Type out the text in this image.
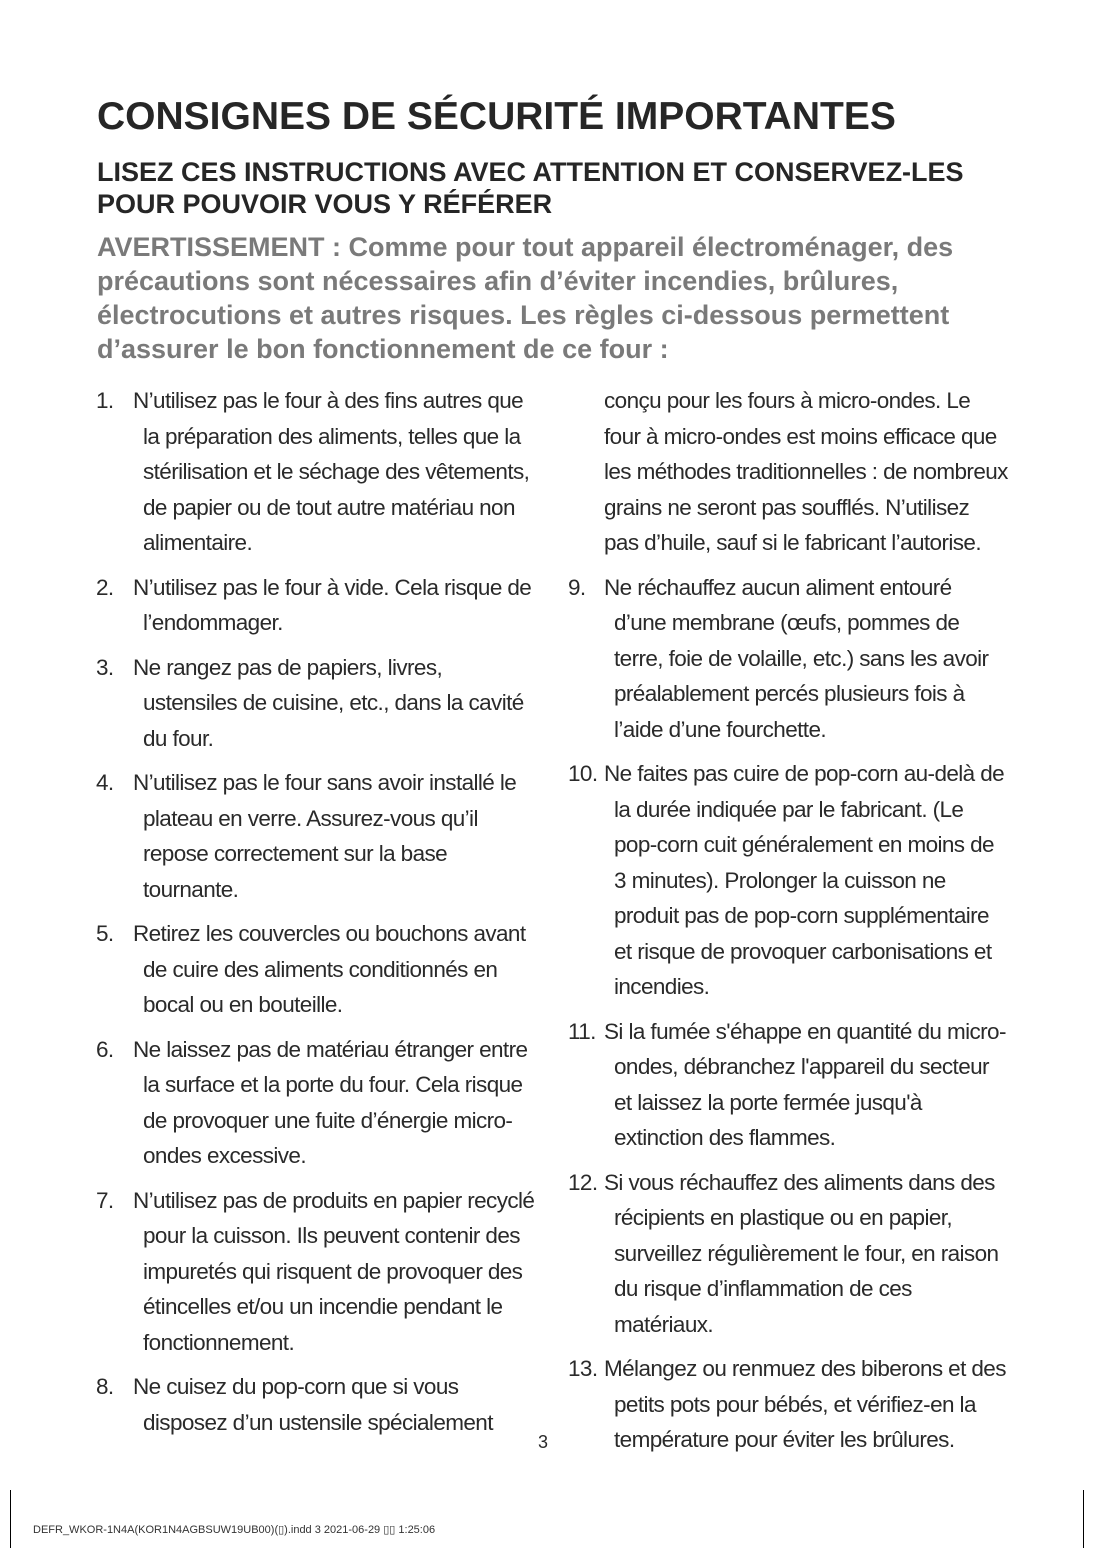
CONSIGNES DE SÉCURITÉ IMPORTANTES
LISEZ CES INSTRUCTIONS AVEC ATTENTION ET CONSERVEZ-LES POUR POUVOIR VOUS Y RÉFÉRER

AVERTISSEMENT : Comme pour tout appareil électroménager, des précautions sont nécessaires afin d’éviter incendies, brûlures, électrocutions et autres risques. Les règles ci-dessous permettent d’assurer le bon fonctionnement de ce four :

1. N’utilisez pas le four à des fins autres que la préparation des aliments, telles que la stérilisation et le séchage des vêtements, de papier ou de tout autre matériau non alimentaire.
2. N’utilisez pas le four à vide. Cela risque de l’endommager.
3. Ne rangez pas de papiers, livres, ustensiles de cuisine, etc., dans la cavité du four.
4. N’utilisez pas le four sans avoir installé le plateau en verre. Assurez-vous qu’il repose correctement sur la base tournante.
5. Retirez les couvercles ou bouchons avant de cuire des aliments conditionnés en bocal ou en bouteille.
6. Ne laissez pas de matériau étranger entre la surface et la porte du four. Cela risque de provoquer une fuite d’énergie micro-ondes excessive.
7. N’utilisez pas de produits en papier recyclé pour la cuisson. Ils peuvent contenir des impuretés qui risquent de provoquer des étincelles et/ou un incendie pendant le fonctionnement.
8. Ne cuisez du pop-corn que si vous disposez d’un ustensile spécialement
conçu pour les fours à micro-ondes. Le four à micro-ondes est moins efficace que les méthodes traditionnelles : de nombreux grains ne seront pas soufflés. N’utilisez pas d’huile, sauf si le fabricant l’autorise.
9. Ne réchauffez aucun aliment entouré d’une membrane (œufs, pommes de terre, foie de volaille, etc.) sans les avoir préalablement percés plusieurs fois à l’aide d’une fourchette.
10. Ne faites pas cuire de pop-corn au-delà de la durée indiquée par le fabricant. (Le pop-corn cuit généralement en moins de 3 minutes). Prolonger la cuisson ne produit pas de pop-corn supplémentaire et risque de provoquer carbonisations et incendies.
11. Si la fumée s'éhappe en quantité du micro-ondes, débranchez l'appareil du secteur et laissez la porte fermée jusqu'à extinction des flammes.
12. Si vous réchauffez des aliments dans des récipients en plastique ou en papier, surveillez régulièrement le four, en raison du risque d’inflammation de ces matériaux.
13. Mélangez ou renmuez des biberons et des petits pots pour bébés, et vérifiez-en la température pour éviter les brûlures.
3
DEFR_WKOR-1N4A(KOR1N4AGBSUW19UB00)(▯).indd 3 2021-06-29 ▯▯ 1:25:06
